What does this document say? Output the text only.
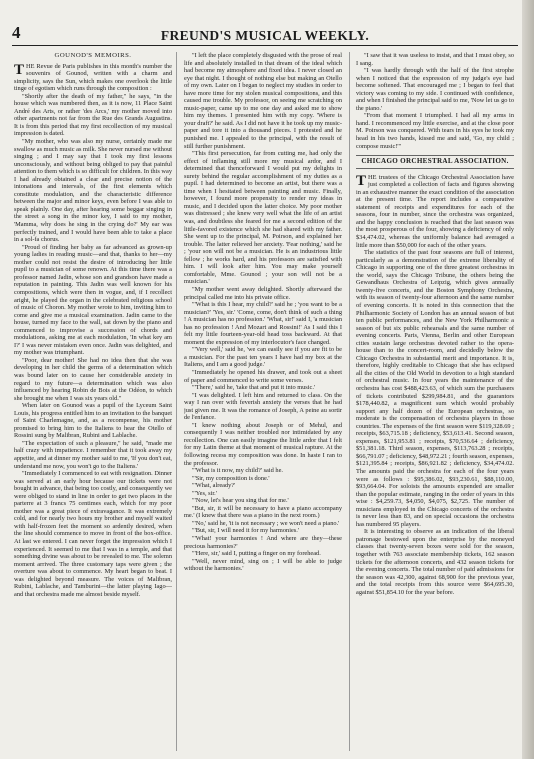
4	FREUND'S MUSICAL WEEKLY.
GOUNOD'S MEMOIRS.

THE Revue de Paris publishes in this month's number the souvenirs of Gounod, written with a charm and simplicity, says the Sun, which makes one overlook the little tinge of egotism which runs through the composition :

"Shortly after the death of my father," he says, "in the house which was numbered then, as it is now, 11 Place Saint André des Arts, or rather 'des Arcs,' my mother moved into other apartments not far from the Rue des Grands Augustins. It is from this period that my first recollection of my musical impression is dated.

"My mother, who was also my nurse, certainly made me swallow as much music as milk. She never nursed me without singing ; and I may say that I took my first lessons unconsciously, and without being obliged to pay that painful attention to them which is so difficult for children. In this way I had already obtained a clear and precise notion of the intonations and intervals, of the first elements which constitute modulation, and the characteristic difference between the major and minor keys, even before I was able to speak plainly. One day, after hearing some beggar singing in the street a song in the minor key, I said to my mother, 'Mamma, why does he sing in the crying do?' My ear was perfectly trained, and I would have been able to take a place in a sol-fa chorus.

"Proud of finding her baby as far advanced as grown-up young ladies in reading music—and that, thanks to her—my mother could not resist the desire of introducing her little pupil to a musician of some renown. At this time there was a professor named Jadin, whose son and grandson have made a reputation in painting. This Jadin was well known for his compositions, which were then in vogue, and, if I recollect aright, he played the organ in the celebrated religious school of music of Choron. My mother wrote to him, inviting him to come and give me a musical examination. Jadin came to the house, turned my face to the wall, sat down by the piano and commenced to improvise a succession of chords and modulations, asking me at each modulation, 'In what key am I?' I was never mistaken even once. Jadin was delighted, and my mother was triumphant.

"Poor, dear mother! She had no idea then that she was developing in her child the germs of a determination which was bound later on to cause her considerable anxiety in regard to my future—a determination which was also influenced by hearing Robin de Bois at the Odéon, to which she brought me when I was six years old."

When later on Gounod was a pupil of the Lyceum Saint Louis, his progress entitled him to an invitation to the banquet of Saint Charlemagne, and, as a recompense, his mother promised to bring him to the Italiens to hear the Otello of Rossini sung by Malibran, Rubini and Lablache.

"The expectation of such a pleasure," he said, "made me half crazy with impatience. I remember that it took away my appetite, and at dinner my mother said to me, 'If you don't eat, understand me now, you won't go to the Italiens.'

"Immediately I commenced to eat with resignation. Dinner was served at an early hour because our tickets were not bought in advance, that being too costly, and consequently we were obliged to stand in line in order to get two places in the parterre at 3 francs 75 centimes each, which for my poor mother was a great piece of extravagance. It was extremely cold, and for nearly two hours my brother and myself waited with half-frozen feet the moment so ardently desired, when the line should commence to move in front of the box-office. At last we entered. I can never forget the impression which I experienced. It seemed to me that I was in a temple, and that something divine was about to be revealed to me. The solemn moment arrived. The three customary taps were given ; the overture was about to commence. My heart began to beat. I was delighted beyond measure. The voices of Malibran, Rubini, Lablache, and Tamburini—the latter playing Iago—and that orchestra made me almost beside myself.

"I left the place completely disgusted with the prose of real life and absolutely installed in that dream of the ideal which had become my atmosphere and fixed idea. I never closed an eye that night. I thought of nothing else but making an Otello of my own. Later on I began to neglect my studies in order to have more time for my stolen musical compositions, and this caused me trouble. My professor, on seeing me scratching on music-paper, came up to me one day and asked me to show him my themes. I presented him with my copy. 'Where is your draft?' he said. As I did not have it he took up my music-paper and tore it into a thousand pieces. I protested and he punished me. I appealed to the principal, with the result of still further punishment.

"This first persecution, far from cutting me, had only the effect of inflaming still more my musical ardor, and I determined that thenceforward I would put my delights in surety behind the regular accomplishment of my duties as a pupil. I had determined to become an artist, but there was a time when I hesitated between painting and music. Finally, however, I found more propensity to render my ideas in music, and I decided upon the latter choice. My poor mother was distressed ; she knew very well what the life of an artist was, and doubtless she feared for me a second edition of the little-favored existence which she had shared with my father. She went up to the principal, M. Poirson, and explained her trouble. The latter relieved her anxiety. 'Fear nothing,' said he ; 'your son will not be a musician. He is an industrious little fellow ; he works hard, and his professors are satisfied with him. I will look after him. You may make yourself comfortable, Mme. Gounod ; your son will not be a musician.'

"My mother went away delighted. Shortly afterward the principal called me into his private office.

"'What is this I hear, my child?' said he ; 'you want to be a musician?' 'Yes, sir.' 'Come, come, don't think of such a thing ! A musician has no profession.' 'What, sir!' said I, 'a musician has no profession ! And Mozart and Rossini!' As I said this I felt my little fourteen-year-old head toss backward. At that moment the expression of my interlocutor's face changed.

"'Very well,' said he, 'we can easily see if you are fit to be a musician. For the past ten years I have had my box at the Italiens, and I am a good judge.'

"Immediately he opened his drawer, and took out a sheet of paper and commenced to write some verses.

"'There,' said he, 'take that and put it into music.'

"I was delighted. I left him and returned to class. On the way I ran over with feverish anxiety the verses that he had just given me. It was the romance of Joseph, A peine au sortir de l'enfance.

"I knew nothing about Joseph or of Mehul, and consequently I was neither troubled nor intimidated by any recollection. One can easily imagine the little ardor that I felt for my Latin theme at that moment of musical rapture. At the following recess my composition was done. In haste I ran to the professor.

"'What is it now, my child?' said he.

"'Sir, my composition is done.'

"'What, already?'

"'Yes, sir.'

"'Now, let's hear you sing that for me.'

"But, sir, it will be necessary to have a piano accompany me.' (I knew that there was a piano in the next room.)

"'No,' said he, 'it is not necessary ; we won't need a piano.'

"'But, sir, I will need it for my harmonies.'

"'What! your harmonies ! And where are they—these precious harmonies?'

"'Here, sir,' said I, putting a finger on my forehead.

"'Well, never mind, sing on ; I will be able to judge without the harmonies.'

"I saw that it was useless to insist, and that I must obey, so I sang.

"I was hardly through with the half of the first strophe when I noticed that the expression of my judge's eye had become softened. That encouraged me ; I began to feel that victory was coming to my side. I continued with confidence, and when I finished the principal said to me, 'Now let us go to the piano.'

"From that moment I triumphed. I had all my arms in hand. I recommenced my little exercise, and at the close poor M. Poirson was conquered. With tears in his eyes he took my head in his two hands, kissed me and said, 'Go, my child ; compose music!'"

CHICAGO ORCHESTRAL ASSOCIATION.

THE trustees of the Chicago Orchestral Association have just completed a collection of facts and figures showing in an exhaustive manner the exact condition of the association at the present time. The report includes a comparative statement of receipts and expenditures for each of the seasons, four in number, since the orchestra was organized, and the happy conclusion is reached that the last season was the most prosperous of the four, showing a deficiency of only $34,474.02, whereas the uniformly balance had averaged a little more than $50,000 for each of the other years.

The statistics of the past four seasons are full of interest, particularly as a demonstration of the extreme liberality of Chicago in supporting one of the three greatest orchestras in the world, says the Chicago Tribune, the others being the Gewandhaus Orchestra of Leipzig, which gives annually twenty-five concerts, and the Boston Symphony Orchestra, with its season of twenty-four afternoon and the same number of evening concerts. It is noted in this connection that the Philharmonic Society of London has an annual season of but ten public performances, and the New York Philharmonic a season of but six public rehearsals and the same number of evening concerts. Paris, Vienna, Berlin and other European cities sustain large orchestras devoted rather to the opera-house than to the concert-room, and decidedly below the Chicago Orchestra in substantial merit and importance. It is, therefore, highly creditable to Chicago that she has eclipsed all the cities of the Old World in devotion to a high standard of orchestral music. In four years the maintenance of the orchestra has cost $488,423.63, of which sum the purchasers of tickets contributed $299,984.81, and the guarantors $178,440.82, a magnificent sum which would probably support any half dozen of the European orchestras, so moderate is the compensation of orchestra players in those countries. The expenses of the first season were $119,328.69 ; receipts, $63,715.18 ; deficiency, $53,613.41. Second season, expenses, $121,953.81 ; receipts, $70,536.64 ; deficiency, $51,381.18. Third season, expenses, $113,763.28 ; receipts, $66,791.07 ; deficiency, $48,972.21 ; fourth season, expenses, $121,395.84 ; receipts, $86,921.82 ; deficiency, $34,474.02. The amounts paid the orchestra for each of the four years were as follows : $95,386.02, $93,230.61, $88,110.00, $93,664.04. For soloists the amounts expended are smaller than the popular estimate, ranging in the order of years in this wise : $4,259.73, $4,050, $4,075, $2,725. The number of musicians employed in the Chicago concerts of the orchestra is never less than 83, and on special occasions the orchestra has numbered 95 players.

It is interesting to observe as an indication of the liberal patronage bestowed upon the enterprise by the moneyed classes that twenty-seven boxes were sold for the season, together with 763 associate membership tickets, 162 season tickets for the afternoon concerts, and 432 season tickets for the evening concerts. The total number of paid admissions for the season was 42,300, against 68,900 for the previous year, and the total receipts from this source were $64,695.30, against $51,854.10 for the year before.
